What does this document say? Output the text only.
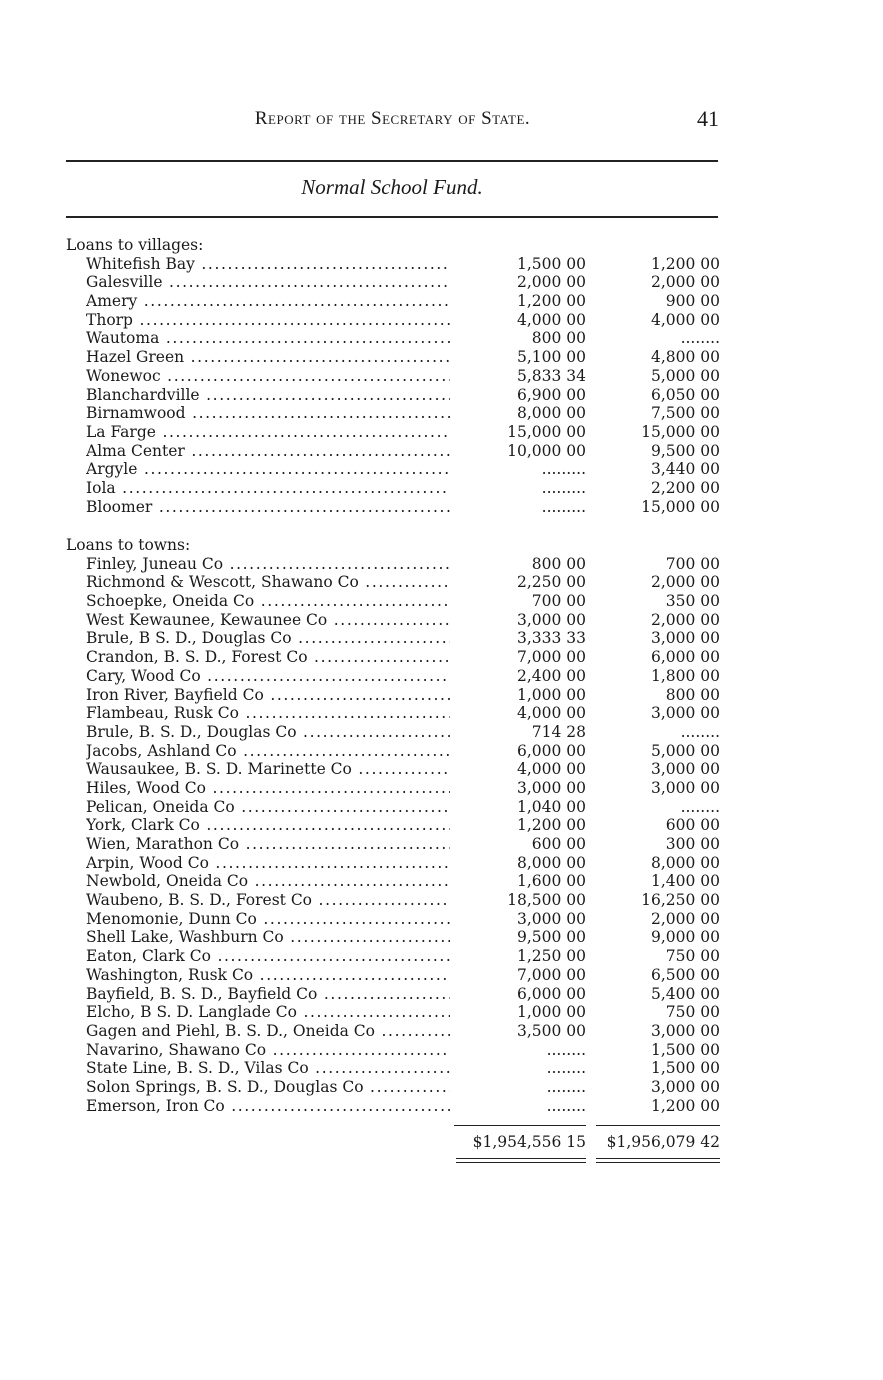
Report of the Secretary of State.	41
Normal School Fund.
Loans to villages:
Whitefish Bay .....	1,500 00	1,200 00
Galesville .....	2,000 00	2,000 00
Amery .....	1,200 00	900 00
Thorp .....	4,000 00	4,000 00
Wautoma .....	800 00	........
Hazel Green .....	5,100 00	4,800 00
Wonewoc .....	5,833 34	5,000 00
Blanchardville .....	6,900 00	6,050 00
Birnamwood .....	8,000 00	7,500 00
La Farge .....	15,000 00	15,000 00
Alma Center .....	10,000 00	9,500 00
Argyle .....	.........	3,440 00
Iola .....	.........	2,200 00
Bloomer .....	.........	15,000 00
Loans to towns:
Finley, Juneau Co .....	800 00	700 00
Richmond & Wescott, Shawano Co .....	2,250 00	2,000 00
Schoepke, Oneida Co .....	700 00	350 00
West Kewaunee, Kewaunee Co .....	3,000 00	2,000 00
Brule, B S. D., Douglas Co .....	3,333 33	3,000 00
Crandon, B. S. D., Forest Co .....	7,000 00	6,000 00
Cary, Wood Co .....	2,400 00	1,800 00
Iron River, Bayfield Co .....	1,000 00	800 00
Flambeau, Rusk Co .....	4,000 00	3,000 00
Brule, B. S. D., Douglas Co .....	714 28	........
Jacobs, Ashland Co .....	6,000 00	5,000 00
Wausaukee, B. S. D. Marinette Co .....	4,000 00	3,000 00
Hiles, Wood Co .....	3,000 00	3,000 00
Pelican, Oneida Co .....	1,040 00	........
York, Clark Co .....	1,200 00	600 00
Wien, Marathon Co .....	600 00	300 00
Arpin, Wood Co .....	8,000 00	8,000 00
Newbold, Oneida Co .....	1,600 00	1,400 00
Waubeno, B. S. D., Forest Co .....	18,500 00	16,250 00
Menomonie, Dunn Co .....	3,000 00	2,000 00
Shell Lake, Washburn Co .....	9,500 00	9,000 00
Eaton, Clark Co .....	1,250 00	750 00
Washington, Rusk Co .....	7,000 00	6,500 00
Bayfield, B. S. D., Bayfield Co .....	6,000 00	5,400 00
Elcho, B S. D. Langlade Co .....	1,000 00	750 00
Gagen and Piehl, B. S. D., Oneida Co .....	3,500 00	3,000 00
Navarino, Shawano Co .....	........	1,500 00
State Line, B. S. D., Vilas Co .....	........	1,500 00
Solon Springs, B. S. D., Douglas Co .....	........	3,000 00
Emerson, Iron Co .....	........	1,200 00
$1,954,556 15	$1,956,079 42
